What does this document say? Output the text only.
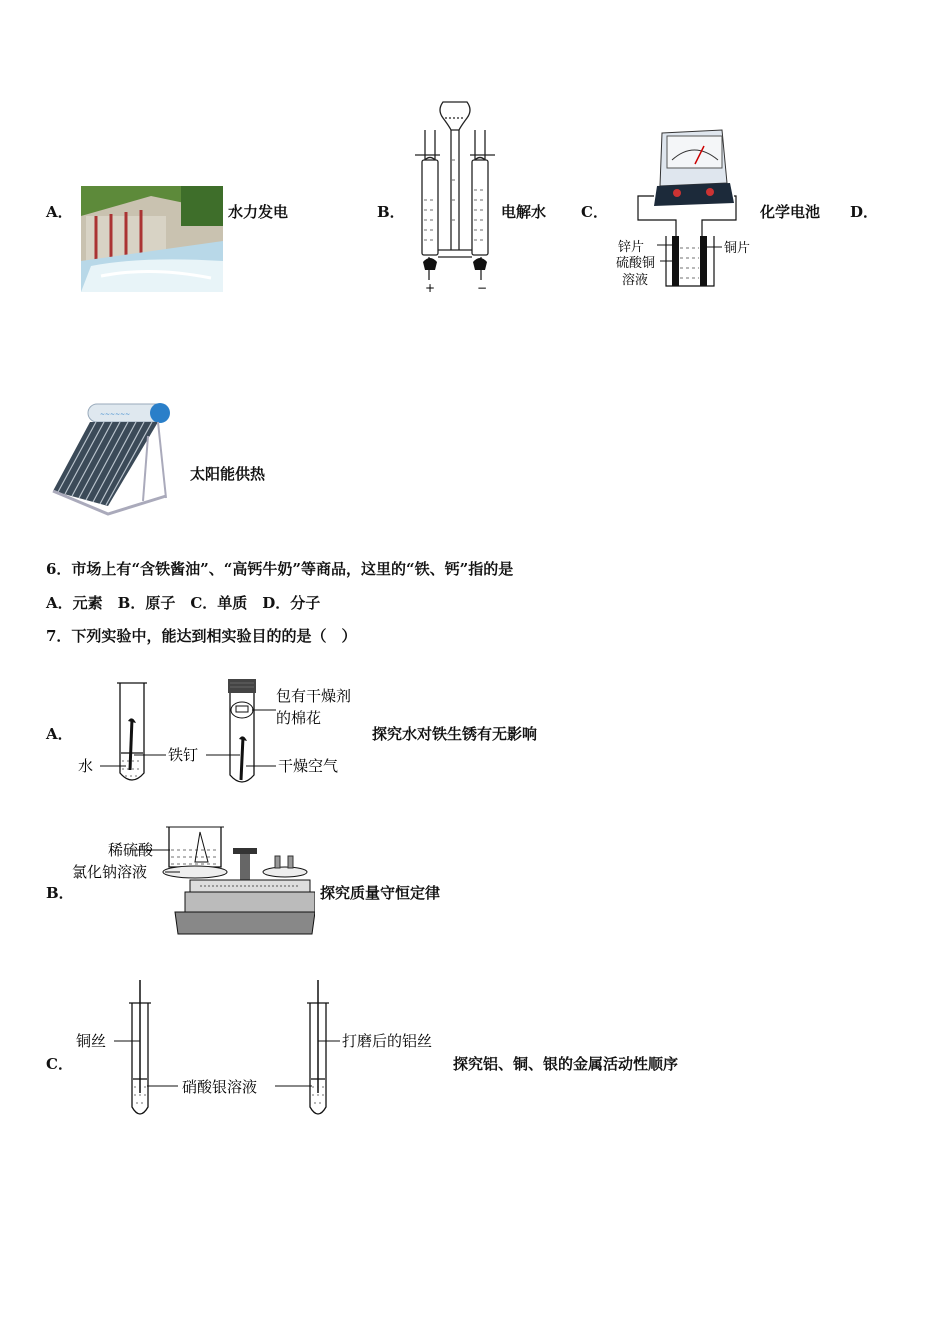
A．	水力发电	B．
+	−
电解水 C．
锌片	铜片
硫酸铜
溶液
化学电池 D．
~~~~~~
太阳能供热
6．市场上有“含铁酱油”、“高钙牛奶”等商品，这里的“铁、钙”指的是
A．元素　B．原子　C．单质　D．分子
7．下列实验中，能达到相实验目的的是（　）
A．
水
铁钉
包有干燥剂
的棉花
干燥空气
探究水对铁生锈有无影响
B．
稀硫酸
氯化钠溶液
探究质量守恒定律
C．
铜丝
硝酸银溶液
打磨后的铝丝
探究铝、铜、银的金属活动性顺序
